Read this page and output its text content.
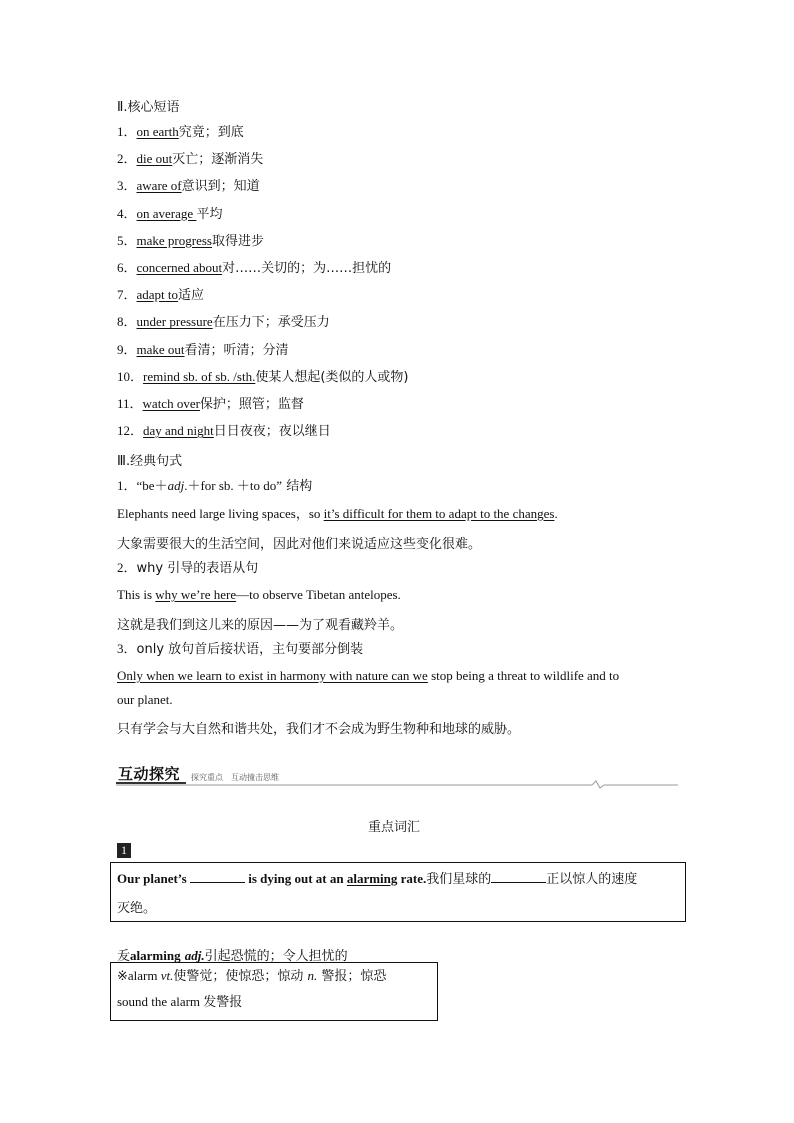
Ⅱ.核心短语
1．on earth究竟；到底
2．die out灭亡；逐渐消失
3．aware of意识到；知道
4．on average 平均
5．make progress取得进步
6．concerned about对……关切的；为……担忧的
7．adapt to适应
8．under pressure在压力下；承受压力
9．make out看清；听清；分清
10．remind sb. of sb. /sth.使某人想起(类似的人或物)
11．watch over保护；照管；监督
12．day and night日日夜夜；夜以继日
Ⅲ.经典句式
1．“be＋adj.＋for sb. ＋to do” 结构
Elephants need large living spaces，so it’s difficult for them to adapt to the changes.
大象需要很大的生活空间，因此对他们来说适应这些变化很难。
2．why 引导的表语从句
This is why we’re here—to observe Tibetan antelopes.
这就是我们到这儿来的原因——为了观看藏羚羊。
3．only 放句首后接状语，主句要部分倒装
Only when we learn to exist in harmony with nature can we stop being a threat to wildlife and to
our planet.
只有学会与大自然和谐共处，我们才不会成为野生物种和地球的威胁。
互动探究 探究重点　互动撞击思维
重点词汇
1
Our planet’s	is dying out at an alarming rate.我们星球的	正以惊人的速度
灭绝。
叐alarming adj.引起恐慌的；令人担忧的
※alarm vt.使警觉；使惊恐；惊动 n. 警报；惊恐
sound the alarm 发警报
